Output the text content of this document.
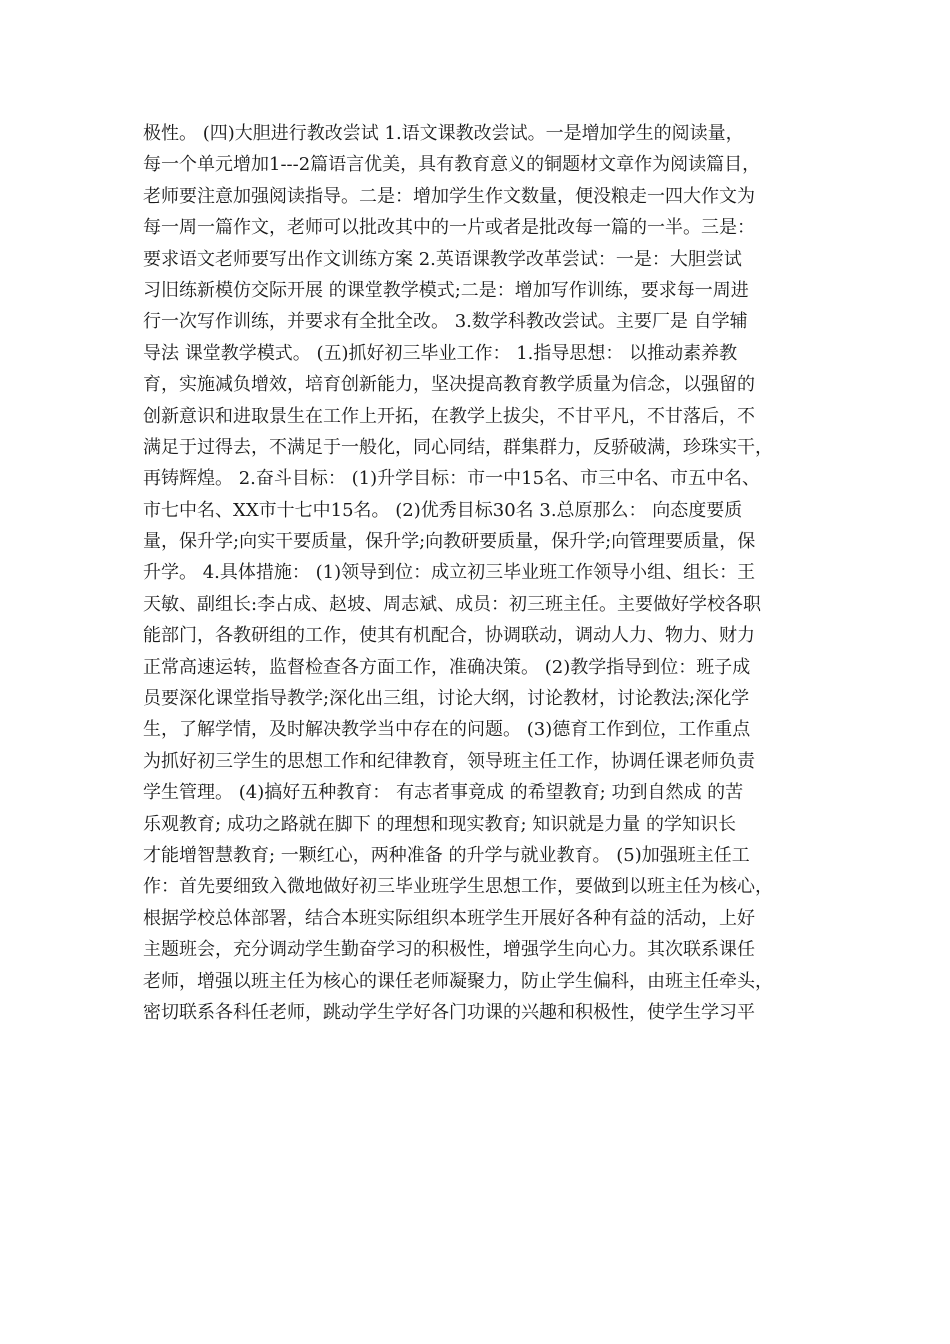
极性。 (四)大胆进行教改尝试 1.语文课教改尝试。一是增加学生的阅读量，
每一个单元增加1---2篇语言优美，具有教育意义的铜题材文章作为阅读篇目，
老师要注意加强阅读指导。二是：增加学生作文数量，便没粮走一四大作文为
每一周一篇作文，老师可以批改其中的一片或者是批改每一篇的一半。三是：
要求语文老师要写出作文训练方案 2.英语课教学改革尝试：一是：大胆尝试
习旧练新模仿交际开展 的课堂教学模式;二是：增加写作训练，要求每一周进
行一次写作训练，并要求有全批全改。 3.数学科教改尝试。主要厂是 自学辅
导法 课堂教学模式。 (五)抓好初三毕业工作： 1.指导思想： 以推动素养教
育，实施减负增效，培育创新能力，坚决提高教育教学质量为信念，以强留的
创新意识和进取景生在工作上开拓，在教学上拔尖，不甘平凡，不甘落后，不
满足于过得去，不满足于一般化，同心同结，群集群力，反骄破满，珍珠实干，
再铸辉煌。 2.奋斗目标： (1)升学目标：市一中15名、市三中名、市五中名、
市七中名、XX市十七中15名。 (2)优秀目标30名 3.总原那么： 向态度要质
量，保升学;向实干要质量，保升学;向教研要质量，保升学;向管理要质量，保
升学。 4.具体措施： (1)领导到位：成立初三毕业班工作领导小组、组长：王
天敏、副组长:李占成、赵坡、周志斌、成员：初三班主任。主要做好学校各职
能部门，各教研组的工作，使其有机配合，协调联动，调动人力、物力、财力
正常高速运转，监督检查各方面工作，准确决策。 (2)教学指导到位：班子成
员要深化课堂指导教学;深化出三组，讨论大纲，讨论教材，讨论教法;深化学
生，了解学情，及时解决教学当中存在的问题。 (3)德育工作到位，工作重点
为抓好初三学生的思想工作和纪律教育，领导班主任工作，协调任课老师负责
学生管理。 (4)搞好五种教育： 有志者事竟成 的希望教育; 功到自然成 的苦
乐观教育; 成功之路就在脚下 的理想和现实教育; 知识就是力量 的学知识长
才能增智慧教育; 一颗红心，两种准备 的升学与就业教育。 (5)加强班主任工
作：首先要细致入微地做好初三毕业班学生思想工作，要做到以班主任为核心，
根据学校总体部署，结合本班实际组织本班学生开展好各种有益的活动，上好
主题班会，充分调动学生勤奋学习的积极性，增强学生向心力。其次联系课任
老师，增强以班主任为核心的课任老师凝聚力，防止学生偏科，由班主任牵头，
密切联系各科任老师，跳动学生学好各门功课的兴趣和积极性，使学生学习平
